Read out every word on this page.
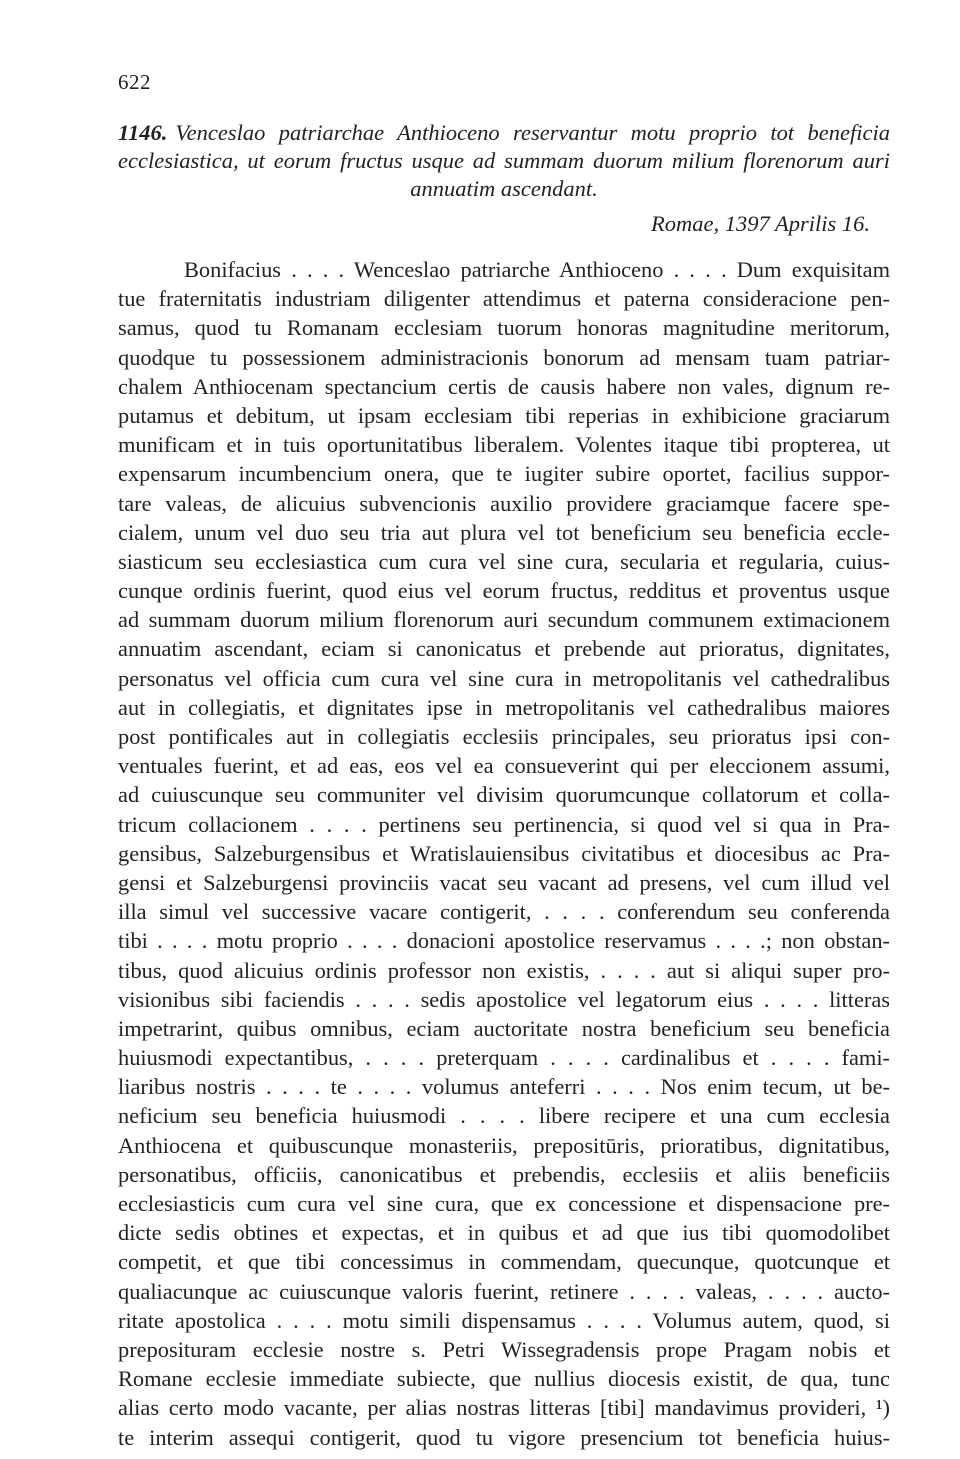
622
1146. Venceslao patriarchae Anthioceno reservantur motu proprio tot beneficia
ecclesiastica, ut eorum fructus usque ad summam duorum milium florenorum auri
annuatim ascendant.
Romae, 1397 Aprilis 16.
Bonifacius . . . . Wenceslao patriarche Anthioceno . . . . Dum exquisitam
tue fraternitatis industriam diligenter attendimus et paterna consideracione pen-
samus, quod tu Romanam ecclesiam tuorum honoras magnitudine meritorum,
quodque tu possessionem administracionis bonorum ad mensam tuam patriar-
chalem Anthiocenam spectancium certis de causis habere non vales, dignum re-
putamus et debitum, ut ipsam ecclesiam tibi reperias in exhibicione graciarum
munificam et in tuis oportunitatibus liberalem. Volentes itaque tibi propterea, ut
expensarum incumbencium onera, que te iugiter subire oportet, facilius suppor-
tare valeas, de alicuius subvencionis auxilio providere graciamque facere spe-
cialem, unum vel duo seu tria aut plura vel tot beneficium seu beneficia eccle-
siasticum seu ecclesiastica cum cura vel sine cura, secularia et regularia, cuius-
cunque ordinis fuerint, quod eius vel eorum fructus, redditus et proventus usque
ad summam duorum milium florenorum auri secundum communem extimacionem
annuatim ascendant, eciam si canonicatus et prebende aut prioratus, dignitates,
personatus vel officia cum cura vel sine cura in metropolitanis vel cathedralibus
aut in collegiatis, et dignitates ipse in metropolitanis vel cathedralibus maiores
post pontificales aut in collegiatis ecclesiis principales, seu prioratus ipsi con-
ventuales fuerint, et ad eas, eos vel ea consueverint qui per eleccionem assumi,
ad cuiuscunque seu communiter vel divisim quorumcunque collatorum et colla-
tricum collacionem . . . . pertinens seu pertinencia, si quod vel si qua in Pra-
gensibus, Salzeburgensibus et Wratislauiensibus civitatibus et diocesibus ac Pra-
gensi et Salzeburgensi provinciis vacat seu vacant ad presens, vel cum illud vel
illa simul vel successive vacare contigerit, . . . . conferendum seu conferenda
tibi . . . . motu proprio . . . . donacioni apostolice reservamus . . . .; non obstan-
tibus, quod alicuius ordinis professor non existis, . . . . aut si aliqui super pro-
visionibus sibi faciendis . . . . sedis apostolice vel legatorum eius . . . . litteras
impetrarint, quibus omnibus, eciam auctoritate nostra beneficium seu beneficia
huiusmodi expectantibus, . . . . preterquam . . . . cardinalibus et . . . . fami-
liaribus nostris . . . . te . . . . volumus anteferri . . . . Nos enim tecum, ut be-
neficium seu beneficia huiusmodi . . . . libere recipere et una cum ecclesia
Anthiocena et quibuscunque monasteriis, prepositūris, prioratibus, dignitatibus,
personatibus, officiis, canonicatibus et prebendis, ecclesiis et aliis beneficiis
ecclesiasticis cum cura vel sine cura, que ex concessione et dispensacione pre-
dicte sedis obtines et expectas, et in quibus et ad que ius tibi quomodolibet
competit, et que tibi concessimus in commendam, quecunque, quotcunque et
qualiacunque ac cuiuscunque valoris fuerint, retinere . . . . valeas, . . . . aucto-
ritate apostolica . . . . motu simili dispensamus . . . . Volumus autem, quod, si
preposituram ecclesie nostre s. Petri Wissegradensis prope Pragam nobis et
Romane ecclesie immediate subiecte, que nullius diocesis existit, de qua, tunc
alias certo modo vacante, per alias nostras litteras [tibi] mandavimus provideri, ¹)
te interim assequi contigerit, quod tu vigore presencium tot beneficia huius-
